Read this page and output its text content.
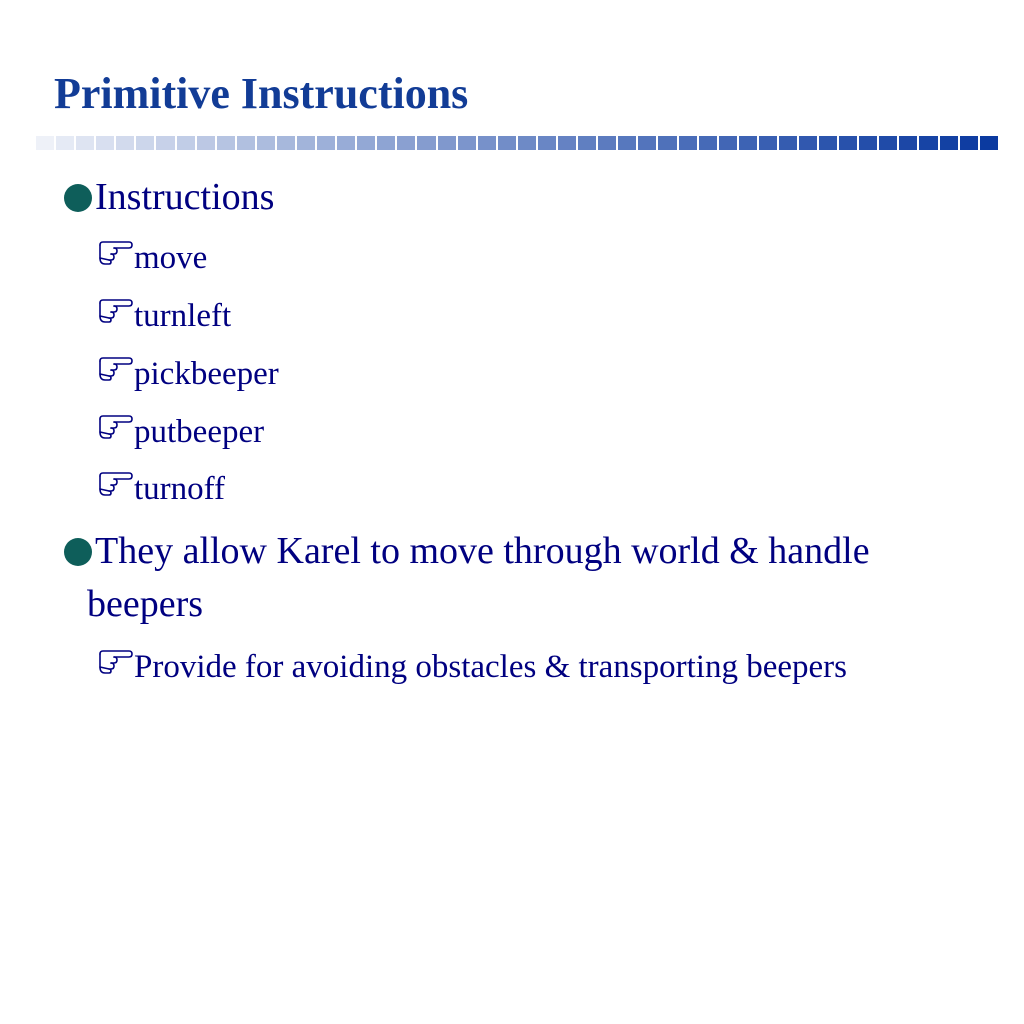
Primitive Instructions
Instructions
move
turnleft
pickbeeper
putbeeper
turnoff
They allow Karel to move through world & handle beepers
Provide for avoiding obstacles & transporting beepers
